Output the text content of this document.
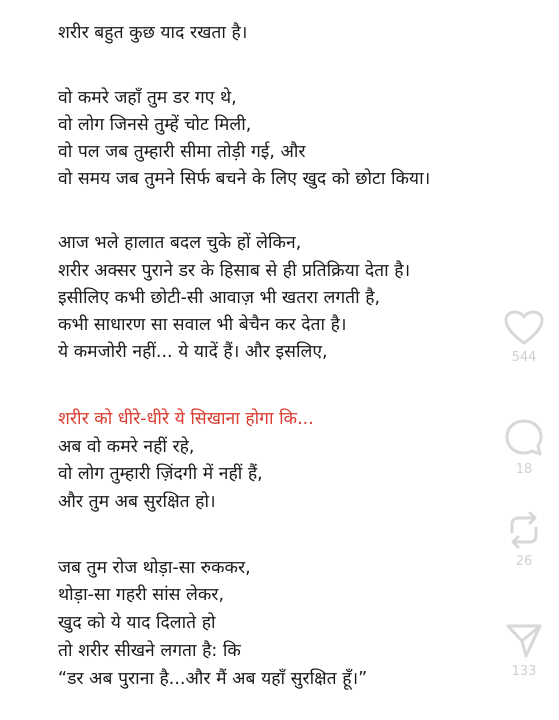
शरीर बहुत कुछ याद रखता है।
वो कमरे जहाँ तुम डर गए थे,
वो लोग जिनसे तुम्हें चोट मिली,
वो पल जब तुम्हारी सीमा तोड़ी गई, और
वो समय जब तुमने सिर्फ बचने के लिए खुद को छोटा किया।
आज भले हालात बदल चुके हों लेकिन,
शरीर अक्सर पुराने डर के हिसाब से ही प्रतिक्रिया देता है।
इसीलिए कभी छोटी-सी आवाज़ भी खतरा लगती है,
कभी साधारण सा सवाल भी बेचैन कर देता है।
ये कमजोरी नहीं... ये यादें हैं। और इसलिए,
शरीर को धीरे-धीरे ये सिखाना होगा कि...
अब वो कमरे नहीं रहे,
वो लोग तुम्हारी ज़िंदगी में नहीं हैं,
और तुम अब सुरक्षित हो।
जब तुम रोज थोड़ा-सा रुककर,
थोड़ा-सा गहरी सांस लेकर,
खुद को ये याद दिलाते हो
तो शरीर सीखने लगता है: कि
“डर अब पुराना है...और मैं अब यहाँ सुरक्षित हूँ।”
544
18
26
133
